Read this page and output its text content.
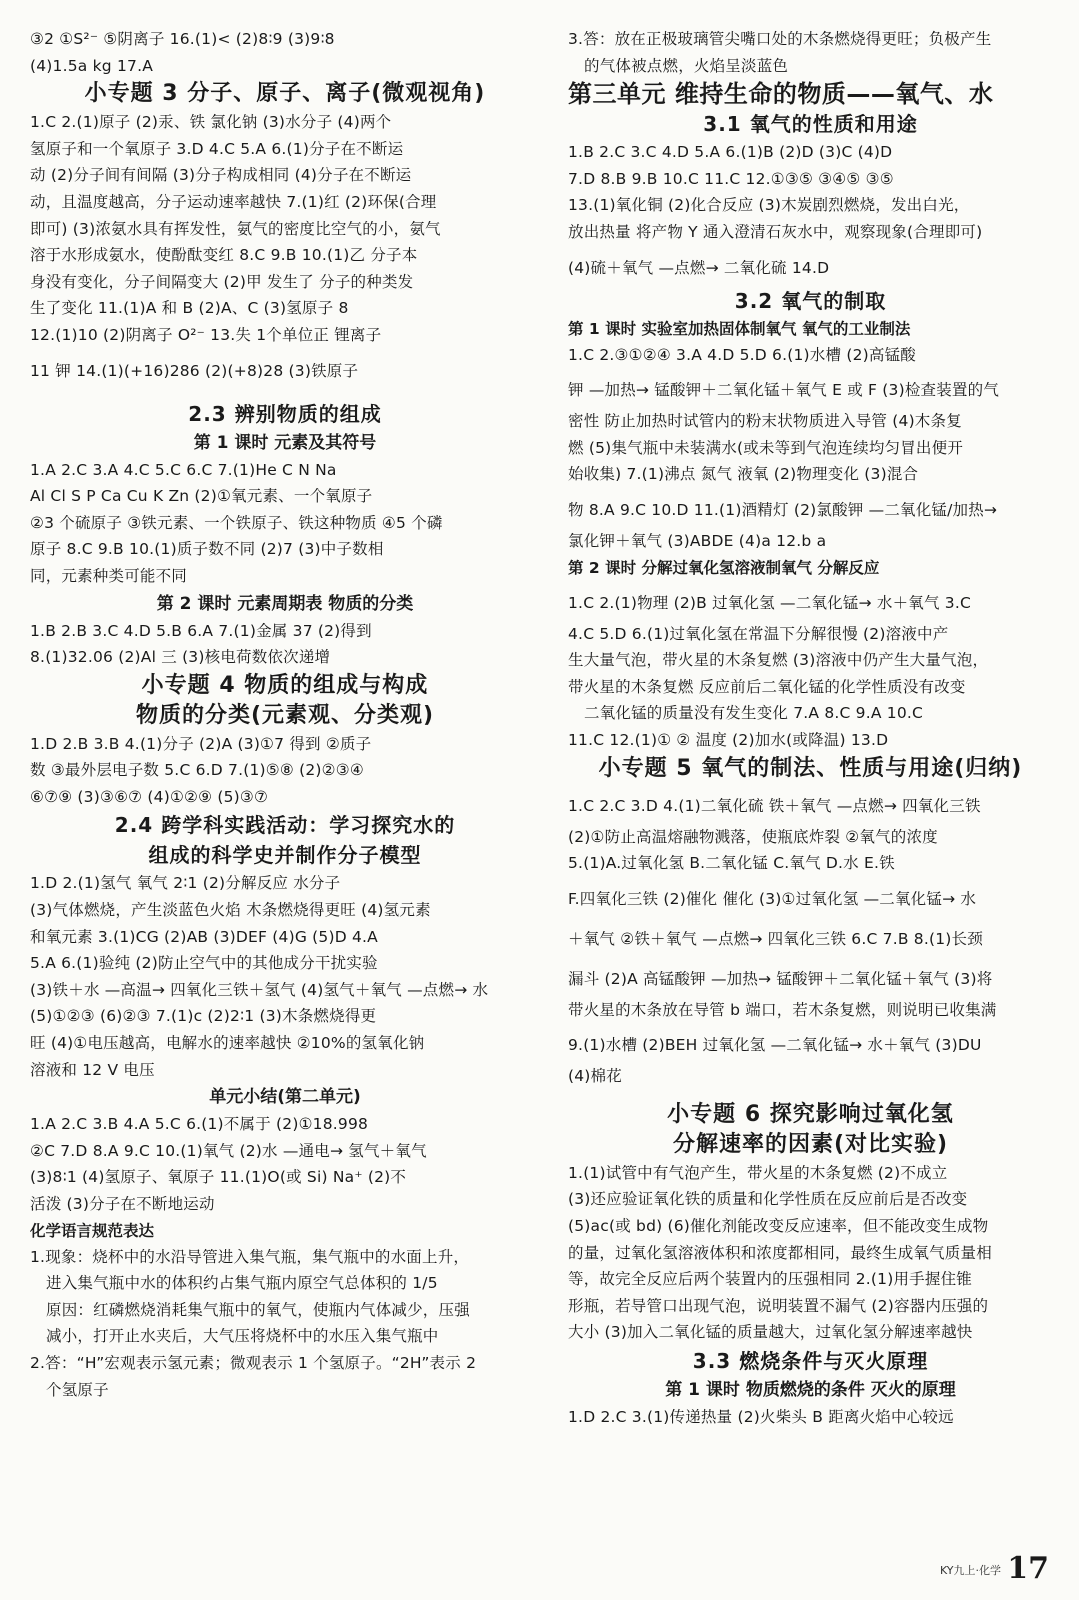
③2 ①S²⁻ ⑤阴离子 16.(1)< (2)8∶9 (3)9∶8
(4)1.5a kg 17.A
小专题 3 分子、原子、离子(微观视角)
1.C 2.(1)原子 (2)汞、铁 氯化钠 (3)水分子 (4)两个
氢原子和一个氧原子 3.D 4.C 5.A 6.(1)分子在不断运
动 (2)分子间有间隔 (3)分子构成相同 (4)分子在不断运
动，且温度越高，分子运动速率越快 7.(1)红 (2)环保(合理
即可) (3)浓氨水具有挥发性，氨气的密度比空气的小，氨气
溶于水形成氨水，使酚酞变红 8.C 9.B 10.(1)乙 分子本
身没有变化，分子间隔变大 (2)甲 发生了 分子的种类发
生了变化 11.(1)A 和 B (2)A、C (3)氢原子 8
12.(1)10 (2)阴离子 O²⁻ 13.失 1个单位正 锂离子
11 钾 14.(1)(+16)286 (2)(+8)28 (3)铁原子
2.3 辨别物质的组成
第 1 课时 元素及其符号
1.A 2.C 3.A 4.C 5.C 6.C 7.(1)He C N Na
Al Cl S P Ca Cu K Zn (2)①氧元素、一个氧原子
②3 个硫原子 ③铁元素、一个铁原子、铁这种物质 ④5 个磷
原子 8.C 9.B 10.(1)质子数不同 (2)7 (3)中子数相
同，元素种类可能不同
第 2 课时 元素周期表 物质的分类
1.B 2.B 3.C 4.D 5.B 6.A 7.(1)金属 37 (2)得到
8.(1)32.06 (2)Al 三 (3)核电荷数依次递增
小专题 4 物质的组成与构成
物质的分类(元素观、分类观)
1.D 2.B 3.B 4.(1)分子 (2)A (3)①7 得到 ②质子
数 ③最外层电子数 5.C 6.D 7.(1)⑤⑧ (2)②③④
⑥⑦⑨ (3)③⑥⑦ (4)①②⑨ (5)③⑦
2.4 跨学科实践活动：学习探究水的
组成的科学史并制作分子模型
1.D 2.(1)氢气 氧气 2∶1 (2)分解反应 水分子
(3)气体燃烧，产生淡蓝色火焰 木条燃烧得更旺 (4)氢元素
和氧元素 3.(1)CG (2)AB (3)DEF (4)G (5)D 4.A
5.A 6.(1)验纯 (2)防止空气中的其他成分干扰实验
(3)铁＋水 —高温→ 四氧化三铁＋氢气 (4)氢气＋氧气 —点燃→ 水
(5)①②③ (6)②③ 7.(1)c (2)2∶1 (3)木条燃烧得更
旺 (4)①电压越高，电解水的速率越快 ②10%的氢氧化钠
溶液和 12 V 电压
单元小结(第二单元)
1.A 2.C 3.B 4.A 5.C 6.(1)不属于 (2)①18.998
②C 7.D 8.A 9.C 10.(1)氧气 (2)水 —通电→ 氢气＋氧气
(3)8∶1 (4)氢原子、氧原子 11.(1)O(或 Si) Na⁺ (2)不
活泼 (3)分子在不断地运动
化学语言规范表达
1.现象：烧杯中的水沿导管进入集气瓶，集气瓶中的水面上升，
进入集气瓶中水的体积约占集气瓶内原空气总体积的 1/5
原因：红磷燃烧消耗集气瓶中的氧气，使瓶内气体减少，压强
减小，打开止水夹后，大气压将烧杯中的水压入集气瓶中
2.答：“H”宏观表示氢元素；微观表示 1 个氢原子。“2H”表示 2
个氢原子
3.答：放在正极玻璃管尖嘴口处的木条燃烧得更旺；负极产生
的气体被点燃，火焰呈淡蓝色
第三单元 维持生命的物质——氧气、水
3.1 氧气的性质和用途
1.B 2.C 3.C 4.D 5.A 6.(1)B (2)D (3)C (4)D
7.D 8.B 9.B 10.C 11.C 12.①③⑤ ③④⑤ ③⑤
13.(1)氧化铜 (2)化合反应 (3)木炭剧烈燃烧，发出白光，
放出热量 将产物 Y 通入澄清石灰水中，观察现象(合理即可)
(4)硫＋氧气 —点燃→ 二氧化硫 14.D
3.2 氧气的制取
第 1 课时 实验室加热固体制氧气 氧气的工业制法
1.C 2.③①②④ 3.A 4.D 5.D 6.(1)水槽 (2)高锰酸
钾 —加热→ 锰酸钾＋二氧化锰＋氧气 E 或 F (3)检查装置的气
密性 防止加热时试管内的粉末状物质进入导管 (4)木条复
燃 (5)集气瓶中未装满水(或未等到气泡连续均匀冒出便开
始收集) 7.(1)沸点 氮气 液氧 (2)物理变化 (3)混合
物 8.A 9.C 10.D 11.(1)酒精灯 (2)氯酸钾 —二氧化锰/加热→
氯化钾＋氧气 (3)ABDE (4)a 12.b a
第 2 课时 分解过氧化氢溶液制氧气 分解反应
1.C 2.(1)物理 (2)B 过氧化氢 —二氧化锰→ 水＋氧气 3.C
4.C 5.D 6.(1)过氧化氢在常温下分解很慢 (2)溶液中产
生大量气泡，带火星的木条复燃 (3)溶液中仍产生大量气泡，
带火星的木条复燃 反应前后二氧化锰的化学性质没有改变
二氧化锰的质量没有发生变化 7.A 8.C 9.A 10.C
11.C 12.(1)① ② 温度 (2)加水(或降温) 13.D
小专题 5 氧气的制法、性质与用途(归纳)
1.C 2.C 3.D 4.(1)二氧化硫 铁＋氧气 —点燃→ 四氧化三铁
(2)①防止高温熔融物溅落，使瓶底炸裂 ②氧气的浓度
5.(1)A.过氧化氢 B.二氧化锰 C.氧气 D.水 E.铁
F.四氧化三铁 (2)催化 催化 (3)①过氧化氢 —二氧化锰→ 水
＋氧气 ②铁＋氧气 —点燃→ 四氧化三铁 6.C 7.B 8.(1)长颈
漏斗 (2)A 高锰酸钾 —加热→ 锰酸钾＋二氧化锰＋氧气 (3)将
带火星的木条放在导管 b 端口，若木条复燃，则说明已收集满
9.(1)水槽 (2)BEH 过氧化氢 —二氧化锰→ 水＋氧气 (3)DU
(4)棉花
小专题 6 探究影响过氧化氢
分解速率的因素(对比实验)
1.(1)试管中有气泡产生，带火星的木条复燃 (2)不成立
(3)还应验证氧化铁的质量和化学性质在反应前后是否改变
(5)ac(或 bd) (6)催化剂能改变反应速率，但不能改变生成物
的量，过氧化氢溶液体积和浓度都相同，最终生成氧气质量相
等，故完全反应后两个装置内的压强相同 2.(1)用手握住锥
形瓶，若导管口出现气泡，说明装置不漏气 (2)容器内压强的
大小 (3)加入二氧化锰的质量越大，过氧化氢分解速率越快
3.3 燃烧条件与灭火原理
第 1 课时 物质燃烧的条件 灭火的原理
1.D 2.C 3.(1)传递热量 (2)火柴头 B 距离火焰中心较远
KY九上·化学 17
